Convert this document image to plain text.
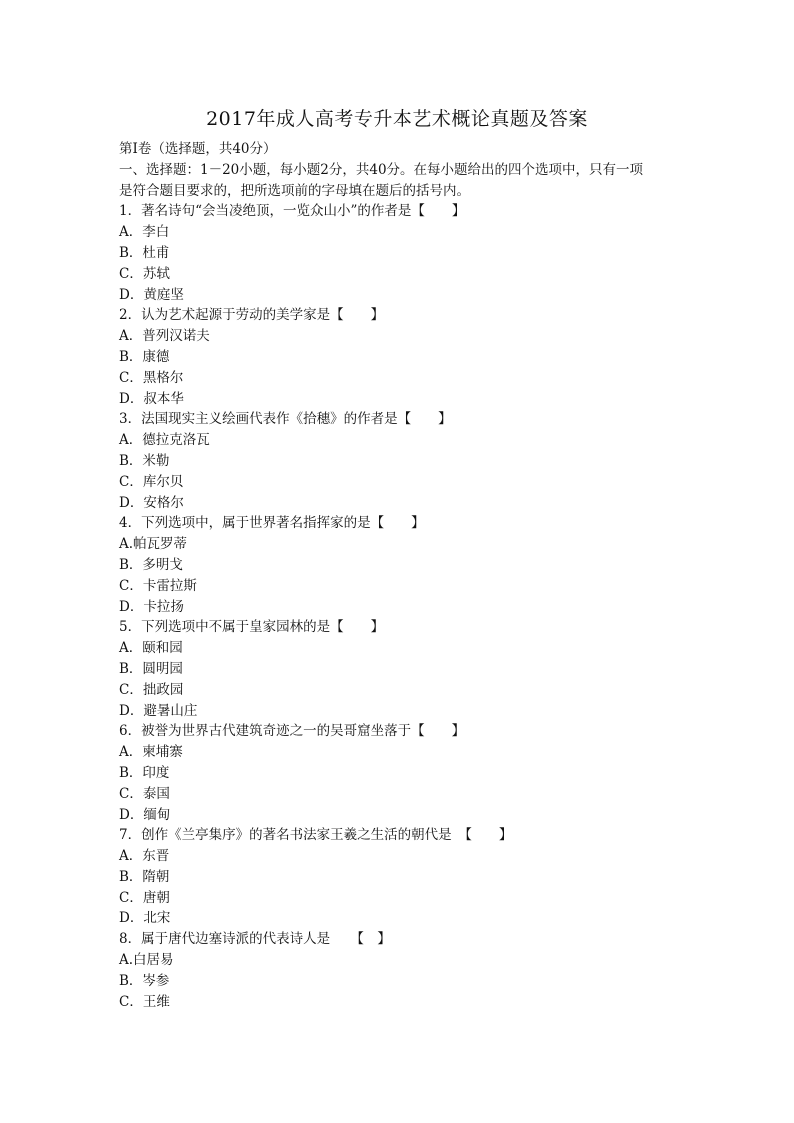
2017年成人高考专升本艺术概论真题及答案
第Ⅰ卷（选择题，共40分）
一、选择题：1－20小题，每小题2分，共40分。在每小题给出的四个选项中，只有一项
是符合题目要求的，把所选项前的字母填在题后的括号内。
1．著名诗句“会当凌绝顶，一览众山小”的作者是【　　】
A．李白
B．杜甫
C．苏轼
D．黄庭坚
2．认为艺术起源于劳动的美学家是【　　】
A．普列汉诺夫
B．康德
C．黑格尔
D．叔本华
3．法国现实主义绘画代表作《拾穗》的作者是【　　】
A．德拉克洛瓦
B．米勒
C．库尔贝
D．安格尔
4．下列选项中，属于世界著名指挥家的是【　　】
A.帕瓦罗蒂
B．多明戈
C．卡雷拉斯
D．卡拉扬
5．下列选项中不属于皇家园林的是【　　】
A．颐和园
B．圆明园
C．拙政园
D．避暑山庄
6．被誉为世界古代建筑奇迹之一的吴哥窟坐落于【　　】
A．柬埔寨
B．印度
C．泰国
D．缅甸
7．创作《兰亭集序》的著名书法家王羲之生活的朝代是　【　　】
A．东晋
B．隋朝
C．唐朝
D．北宋
8．属于唐代边塞诗派的代表诗人是　　【　】
A.白居易
B．岑参
C．王维
